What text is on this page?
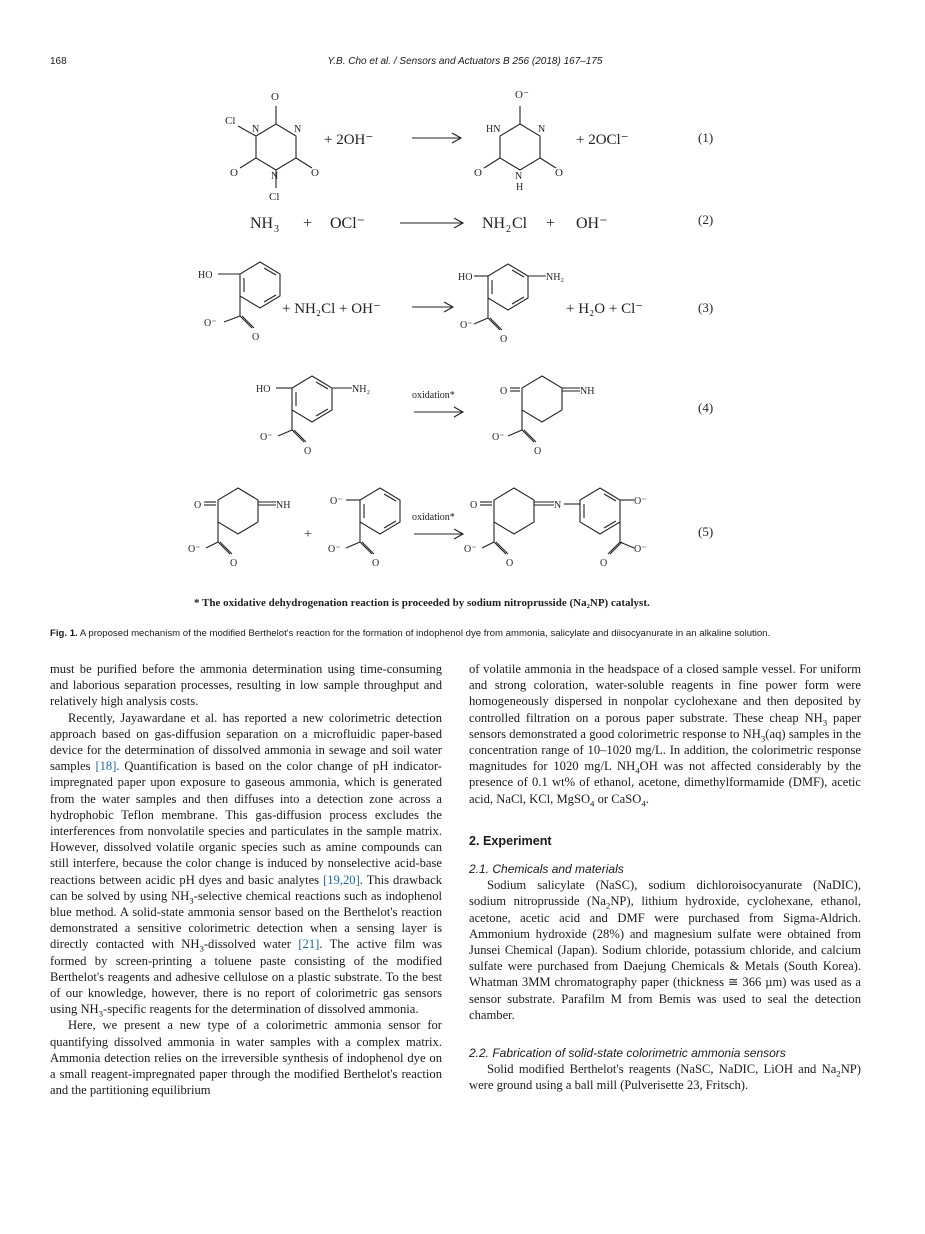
168	Y.B. Cho et al. / Sensors and Actuators B 256 (2018) 167–175
O
Cl
N	N
N
O	O
Cl
+ 2OH⁻
O⁻
HN	N
N
H
O	O
+ 2OCl⁻	(1)
NH 3 + OCl⁻	NH 2 Cl + OH⁻	(2)
HO
O⁻
O
+ NH₂Cl + OH⁻
HO	NH₂
O⁻
O
+ H₂O + Cl⁻	(3)
HO	NH₂
O⁻
O
oxidation*	O	NH
O⁻
O
(4)
O	NH
O⁻
O
+
O⁻
O⁻
O
oxidation*
O	N	O⁻
O⁻
O
O⁻
O
(5)
* The oxidative dehydrogenation reaction is proceeded by sodium nitroprusside (Na₂NP) catalyst.
Fig. 1. A proposed mechanism of the modified Berthelot's reaction for the formation of indophenol dye from ammonia, salicylate and diisocyanurate in an alkaline solution.

must be purified before the ammonia determination using time-consuming and laborious separation processes, resulting in low sample throughput and relatively high analysis costs.

Recently, Jayawardane et al. has reported a new colorimetric detection approach based on gas-diffusion separation on a microfluidic paper-based device for the determination of dissolved ammonia in sewage and soil water samples [18]. Quantification is based on the color change of pH indicator-impregnated paper upon exposure to gaseous ammonia, which is generated from the water samples and then diffuses into a detection zone across a hydrophobic Teflon membrane. This gas-diffusion process excludes the interferences from nonvolatile species and particulates in the sample matrix. However, dissolved volatile organic species such as amine compounds can still interfere, because the color change is induced by nonselective acid-base reactions between acidic pH dyes and basic analytes [19,20]. This drawback can be solved by using $NH_3$-selective chemical reactions such as indophenol blue method. A solid-state ammonia sensor based on the Berthelot's reaction demonstrated a sensitive colorimetric detection when a sensing layer is directly contacted with $NH_3$-dissolved water [21]. The active film was formed by screen-printing a toluene paste consisting of the modified Berthelot's reagents and adhesive cellulose on a plastic substrate. To the best of our knowledge, however, there is no report of colorimetric gas sensors using $NH_3$-specific reagents for the determination of dissolved ammonia.

Here, we present a new type of a colorimetric ammonia sensor for quantifying dissolved ammonia in water samples with a complex matrix. Ammonia detection relies on the irreversible synthesis of indophenol dye on a small reagent-impregnated paper through the modified Berthelot's reaction and the partitioning equilibrium

of volatile ammonia in the headspace of a closed sample vessel. For uniform and strong coloration, water-soluble reagents in fine power form were homogeneously dispersed in nonpolar cyclohexane and then deposited by controlled filtration on a porous paper substrate. These cheap $NH_3$ paper sensors demonstrated a good colorimetric response to $NH_3(aq)$ samples in the concentration range of 10–1020 mg/L. In addition, the colorimetric response magnitudes for 1020 mg/L $NH_4OH$ was not affected considerably by the presence of 0.1 wt% of ethanol, acetone, dimethylformamide (DMF), acetic acid, NaCl, KCl, MgSO$_4$ or CaSO$_4$.

2. Experiment
2.1. Chemicals and materials

Sodium salicylate (NaSC), sodium dichloroisocyanurate (NaDIC), sodium nitroprusside $(Na_2NP)$, lithium hydroxide, cyclohexane, ethanol, acetone, acetic acid and DMF were purchased from Sigma-Aldrich. Ammonium hydroxide (28%) and magnesium sulfate were obtained from Junsei Chemical (Japan). Sodium chloride, potassium chloride, and calcium sulfate were purchased from Daejung Chemicals & Metals (South Korea). Whatman 3MM chromatography paper (thickness ≅ 366 µm) was used as a sensor substrate. Parafilm M from Bemis was used to seal the detection chamber.

2.2. Fabrication of solid-state colorimetric ammonia sensors

Solid modified Berthelot's reagents (NaSC, NaDIC, LiOH and $Na_2NP$) were ground using a ball mill (Pulverisette 23, Fritsch).
